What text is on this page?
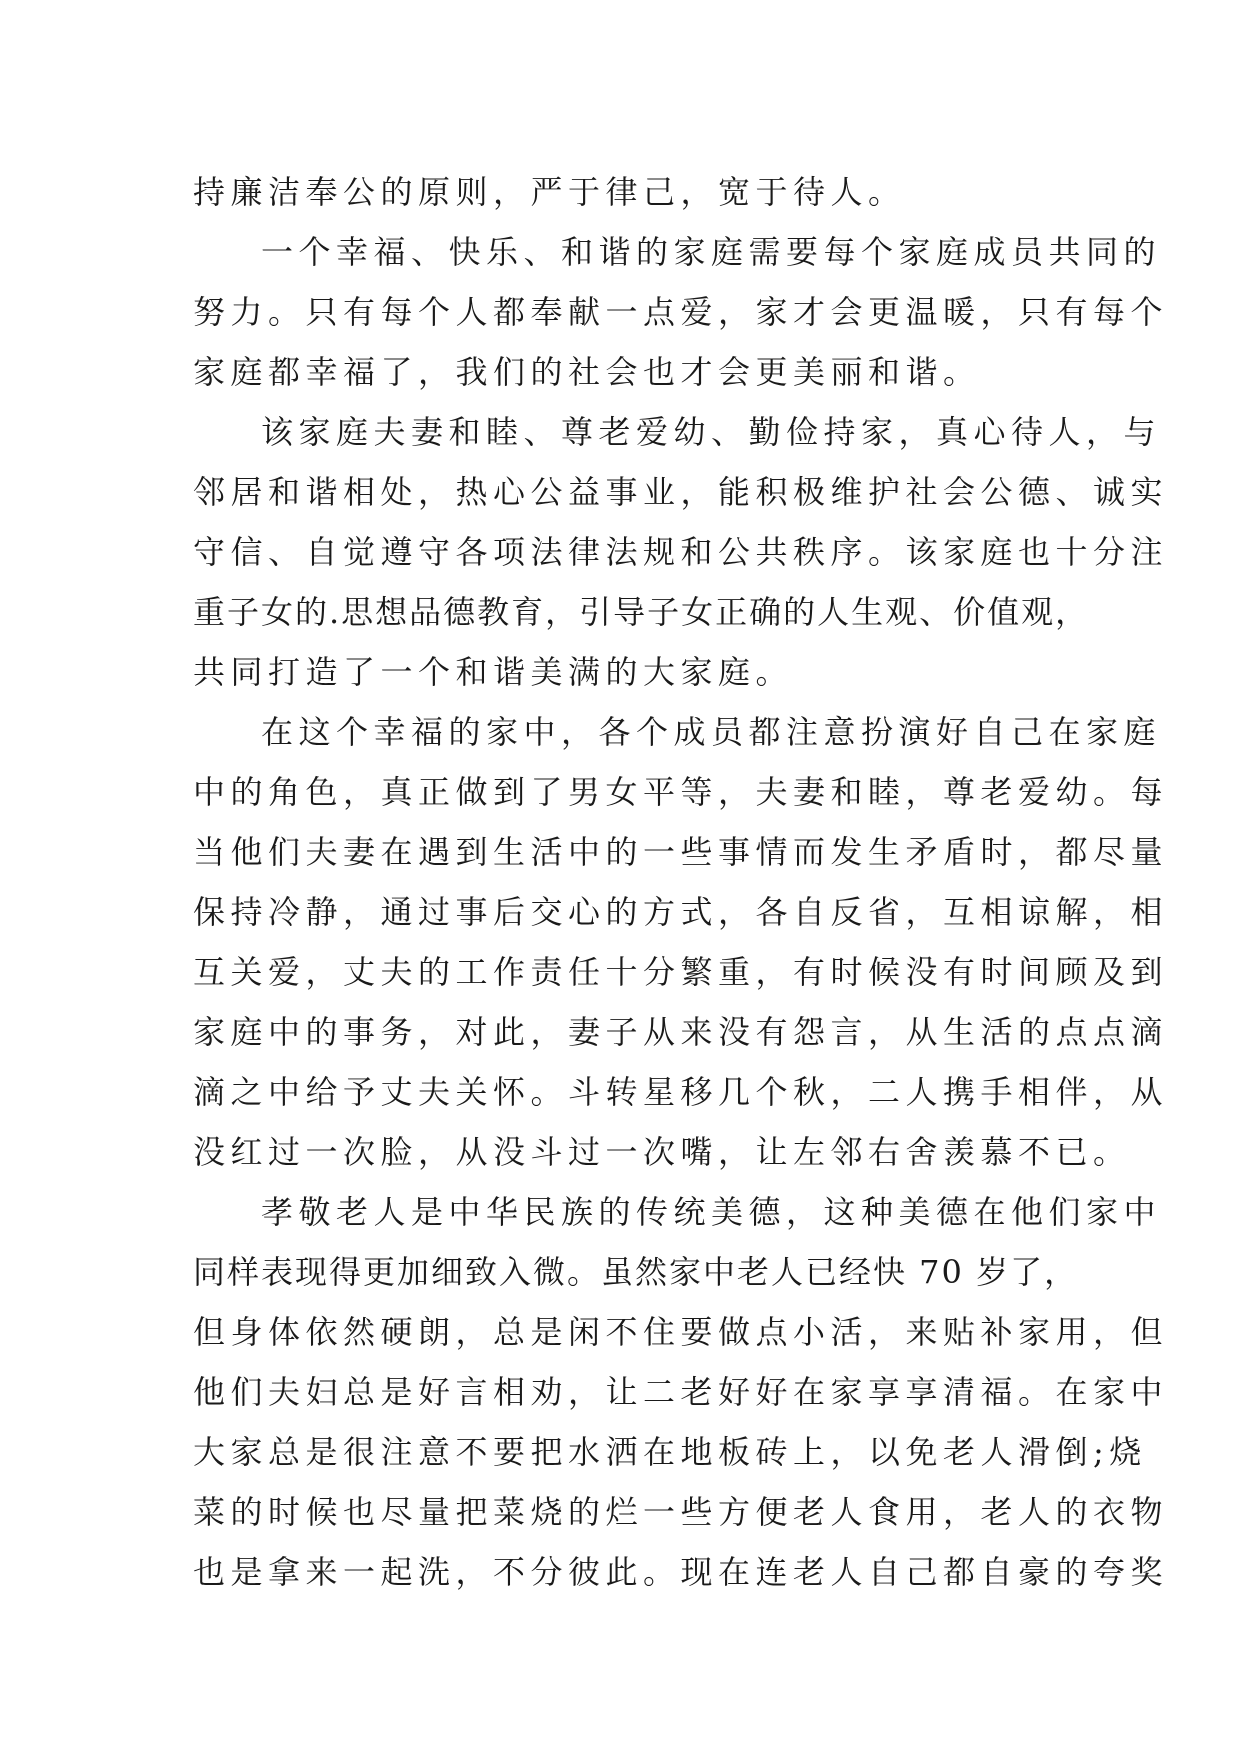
持廉洁奉公的原则，严于律己，宽于待人。
一个幸福、快乐、和谐的家庭需要每个家庭成员共同的
努力。只有每个人都奉献一点爱，家才会更温暖，只有每个
家庭都幸福了，我们的社会也才会更美丽和谐。
该家庭夫妻和睦、尊老爱幼、勤俭持家，真心待人，与
邻居和谐相处，热心公益事业，能积极维护社会公德、诚实
守信、自觉遵守各项法律法规和公共秩序。该家庭也十分注
重子女的.思想品德教育，引导子女正确的人生观、价值观，
共同打造了一个和谐美满的大家庭。
在这个幸福的家中，各个成员都注意扮演好自己在家庭
中的角色，真正做到了男女平等，夫妻和睦，尊老爱幼。每
当他们夫妻在遇到生活中的一些事情而发生矛盾时，都尽量
保持冷静，通过事后交心的方式，各自反省，互相谅解，相
互关爱，丈夫的工作责任十分繁重，有时候没有时间顾及到
家庭中的事务，对此，妻子从来没有怨言，从生活的点点滴
滴之中给予丈夫关怀。斗转星移几个秋，二人携手相伴，从
没红过一次脸，从没斗过一次嘴，让左邻右舍羡慕不已。
孝敬老人是中华民族的传统美德，这种美德在他们家中
同样表现得更加细致入微。虽然家中老人已经快 70 岁了，
但身体依然硬朗，总是闲不住要做点小活，来贴补家用，但
他们夫妇总是好言相劝，让二老好好在家享享清福。在家中
大家总是很注意不要把水洒在地板砖上，以免老人滑倒;烧
菜的时候也尽量把菜烧的烂一些方便老人食用，老人的衣物
也是拿来一起洗，不分彼此。现在连老人自己都自豪的夸奖
